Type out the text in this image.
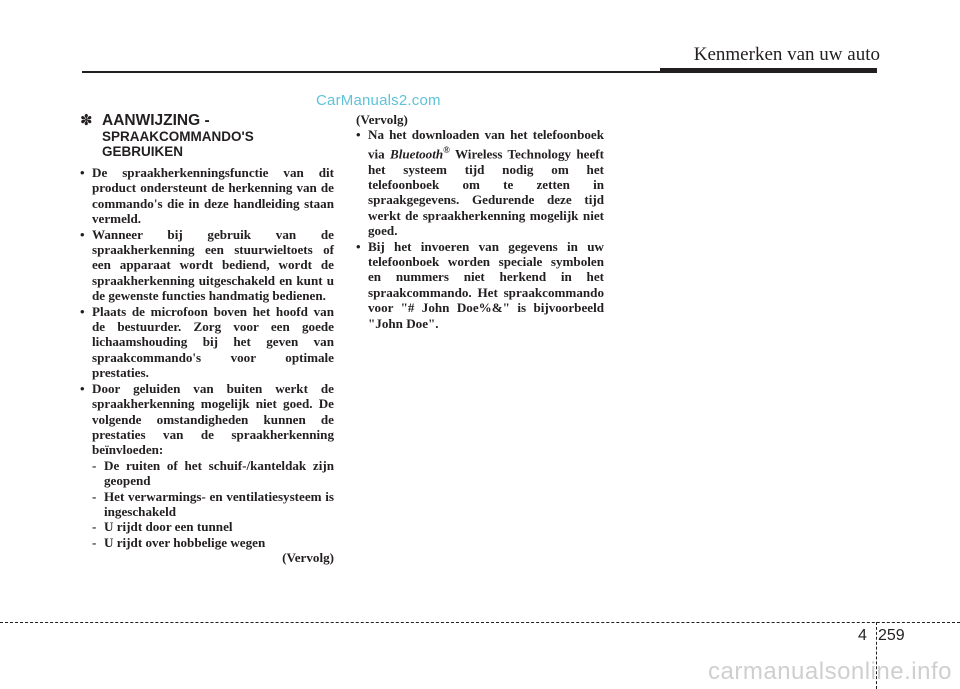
Kenmerken van uw auto
CarManuals2.com
✽ AANWIJZING -
SPRAAKCOMMANDO'S
GEBRUIKEN
• De spraakherkenningsfunctie van dit product ondersteunt de herkenning van de commando's die in deze handleiding staan vermeld.
• Wanneer bij gebruik van de spraakherkenning een stuurwieltoets of een apparaat wordt bediend, wordt de spraakherkenning uitgeschakeld en kunt u de gewenste functies handmatig bedienen.
• Plaats de microfoon boven het hoofd van de bestuurder. Zorg voor een goede lichaamshouding bij het geven van spraakcommando's voor optimale prestaties.
• Door geluiden van buiten werkt de spraakherkenning mogelijk niet goed. De volgende omstandigheden kunnen de prestaties van de spraakherkenning beïnvloeden:
- De ruiten of het schuif-/kanteldak zijn geopend
- Het verwarmings- en ventilatiesysteem is ingeschakeld
- U rijdt door een tunnel
- U rijdt over hobbelige wegen
(Vervolg)
(Vervolg)
• Na het downloaden van het telefoonboek via Bluetooth® Wireless Technology heeft het systeem tijd nodig om het telefoonboek om te zetten in spraakgegevens. Gedurende deze tijd werkt de spraakherkenning mogelijk niet goed.
• Bij het invoeren van gegevens in uw telefoonboek worden speciale symbolen en nummers niet herkend in het spraakcommando. Het spraakcommando voor "# John Doe%&" is bijvoorbeeld "John Doe".
4 259
carmanualsonline.info
